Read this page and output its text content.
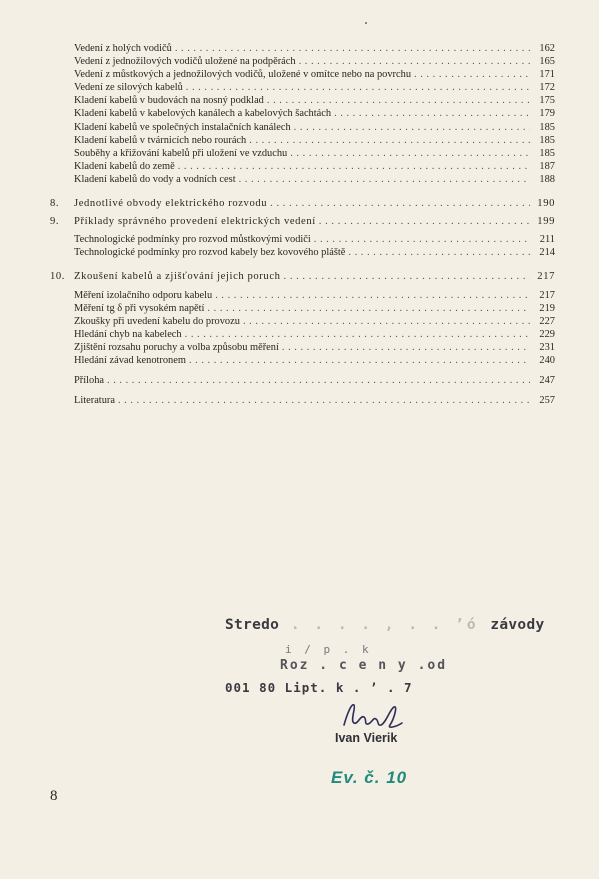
Vedení z holých vodičů . . .	162
Vedení z jednožilových vodičů uložené na podpěrách . . .	165
Vedení z můstkových a jednožilových vodičů, uložené v omítce nebo na povrchu . . .	171
Vedení ze silových kabelů . . .	172
Kladení kabelů v budovách na nosný podklad . . .	175
Kladení kabelů v kabelových kanálech a kabelových šachtách . . .	179
Kladení kabelů ve společných instalačních kanálech . . .	185
Kladení kabelů v tvárnicích nebo rourách . . .	185
Souběhy a křižování kabelů při uložení ve vzduchu . . .	185
Kladení kabelů do země . . .	187
Kladení kabelů do vody a vodních cest . . .	188
8. Jednotlivé obvody elektrického rozvodu . . .	190
9. Příklady správného provedení elektrických vedení . . .	199
Technologické podmínky pro rozvod můstkovými vodiči . . .	211
Technologické podmínky pro rozvod kabely bez kovového pláště . . .	214
10. Zkoušení kabelů a zjišťování jejich poruch . . .	217
Měření izolačního odporu kabelu . . .	217
Měření tg δ při vysokém napětí . . .	219
Zkoušky při uvedení kabelu do provozu . . .	227
Hledání chyb na kabelech . . .	229
Zjištění rozsahu poruchy a volba způsobu měření . . .	231
Hledání závad kenotronem . . .	240
Příloha . . .	247
Literatura . . .	257
8
Stredo . . . . , . . ʼó závody
i / p . k
Roz . c e n y .od
001 80 Lipt. k . ʼ . 7
Ivan Vierik
Ev. č. 10
